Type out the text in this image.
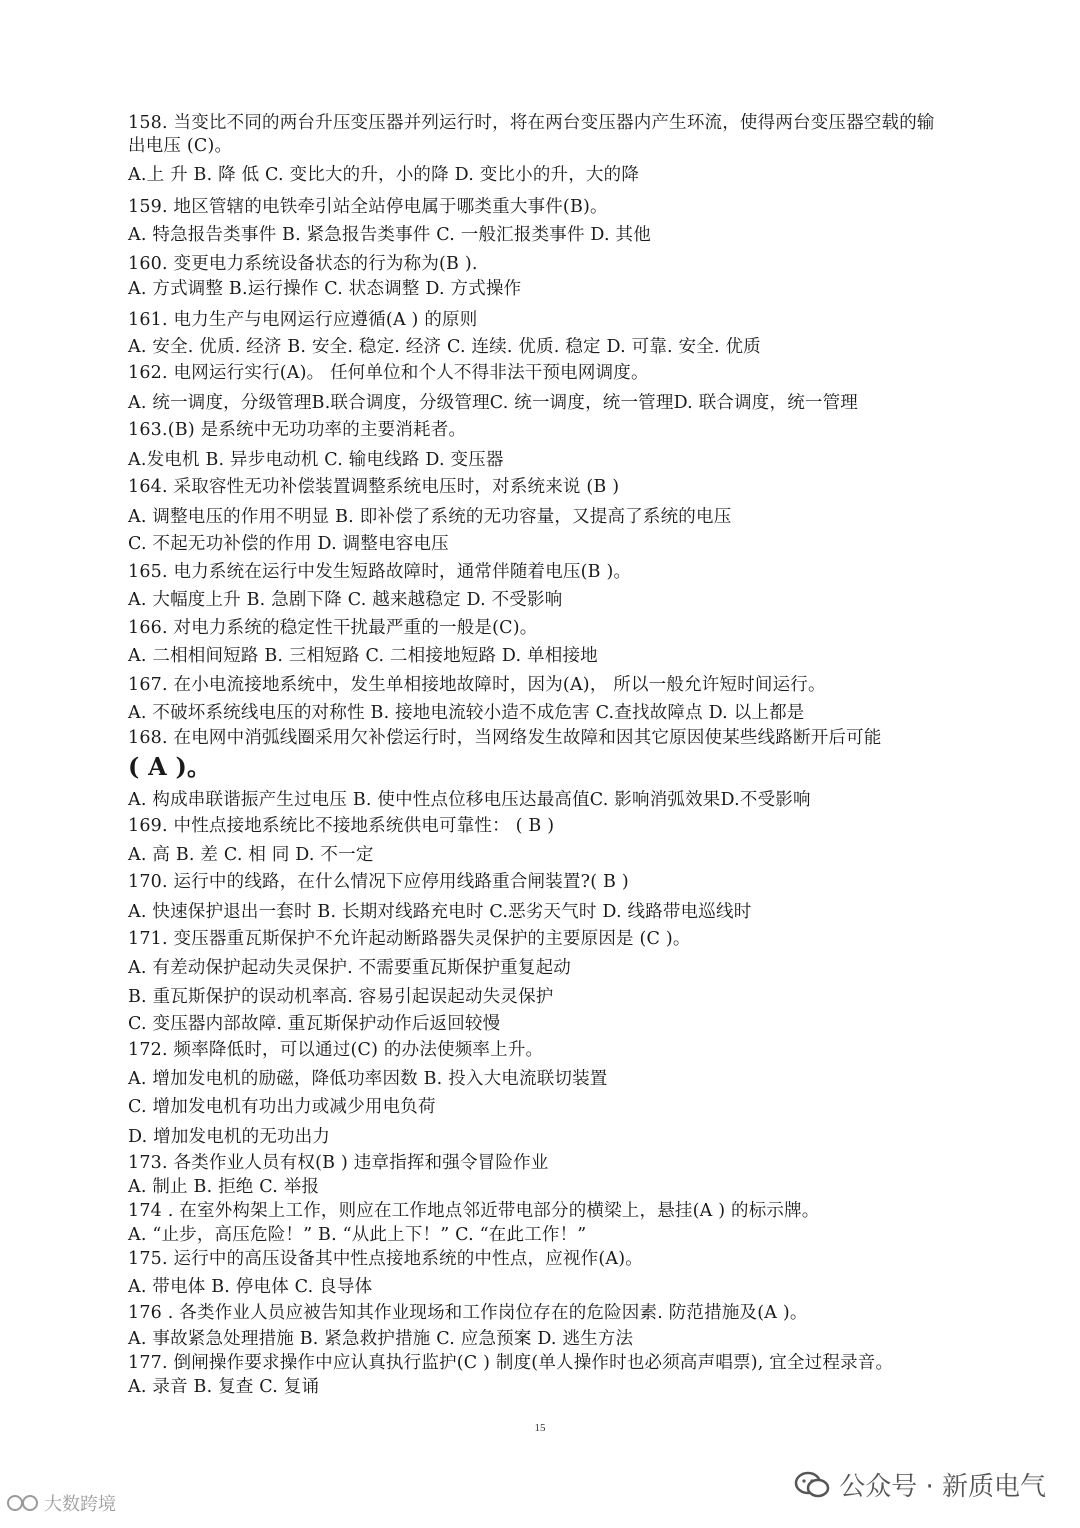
158. 当变比不同的两台升压变压器并列运行时，将在两台变压器内产生环流，使得两台变压器空载的输
出电压 (C)。
A.上 升 B. 降 低 C. 变比大的升，小的降 D. 变比小的升，大的降
159. 地区管辖的电铁牵引站全站停电属于哪类重大事件(B)。
A. 特急报告类事件 B. 紧急报告类事件 C. 一般汇报类事件 D. 其他
160. 变更电力系统设备状态的行为称为(B ).
A. 方式调整 B.运行操作 C. 状态调整 D. 方式操作
161. 电力生产与电网运行应遵循(A ) 的原则
A. 安全. 优质. 经济 B. 安全. 稳定. 经济 C. 连续. 优质. 稳定 D. 可靠. 安全. 优质
162. 电网运行实行(A)。 任何单位和个人不得非法干预电网调度。
A. 统一调度，分级管理B.联合调度，分级管理C. 统一调度，统一管理D. 联合调度，统一管理
163.(B) 是系统中无功功率的主要消耗者。
A.发电机 B. 异步电动机 C. 输电线路 D. 变压器
164. 采取容性无功补偿装置调整系统电压时，对系统来说 (B )
A. 调整电压的作用不明显 B. 即补偿了系统的无功容量，又提高了系统的电压
C. 不起无功补偿的作用 D. 调整电容电压
165. 电力系统在运行中发生短路故障时，通常伴随着电压(B )。
A. 大幅度上升 B. 急剧下降 C. 越来越稳定 D. 不受影响
166. 对电力系统的稳定性干扰最严重的一般是(C)。
A. 二相相间短路 B. 三相短路 C. 二相接地短路 D. 单相接地
167. 在小电流接地系统中，发生单相接地故障时，因为(A)， 所以一般允许短时间运行。
A. 不破坏系统线电压的对称性 B. 接地电流较小造不成危害 C.查找故障点 D. 以上都是
168. 在电网中消弧线圈采用欠补偿运行时，当网络发生故障和因其它原因使某些线路断开后可能
( A )。
A. 构成串联谐振产生过电压 B. 使中性点位移电压达最高值C. 影响消弧效果D.不受影响
169. 中性点接地系统比不接地系统供电可靠性： ( B )
A. 高 B. 差 C. 相 同 D. 不一定
170. 运行中的线路，在什么情况下应停用线路重合闸装置?( B )
A. 快速保护退出一套时 B. 长期对线路充电时 C.恶劣天气时 D. 线路带电巡线时
171. 变压器重瓦斯保护不允许起动断路器失灵保护的主要原因是 (C )。
A. 有差动保护起动失灵保护. 不需要重瓦斯保护重复起动
B. 重瓦斯保护的误动机率高. 容易引起误起动失灵保护
C. 变压器内部故障. 重瓦斯保护动作后返回较慢
172. 频率降低时，可以通过(C) 的办法使频率上升。
A. 增加发电机的励磁，降低功率因数 B. 投入大电流联切装置
C. 增加发电机有功出力或减少用电负荷
D. 增加发电机的无功出力
173. 各类作业人员有权(B ) 违章指挥和强令冒险作业
A. 制止 B. 拒绝 C. 举报
174 . 在室外构架上工作，则应在工作地点邻近带电部分的横梁上，悬挂(A ) 的标示牌。
A. “止步，高压危险！” B. “从此上下！” C. “在此工作！”
175. 运行中的高压设备其中性点接地系统的中性点，应视作(A)。
A. 带电体 B. 停电体 C. 良导体
176 . 各类作业人员应被告知其作业现场和工作岗位存在的危险因素. 防范措施及(A )。
A. 事故紧急处理措施 B. 紧急救护措施 C. 应急预案 D. 逃生方法
177. 倒闸操作要求操作中应认真执行监护(C ) 制度(单人操作时也必须高声唱票), 宜全过程录音。
A. 录音 B. 复查 C. 复诵
15
大数跨境
公众号 · 新质电气
